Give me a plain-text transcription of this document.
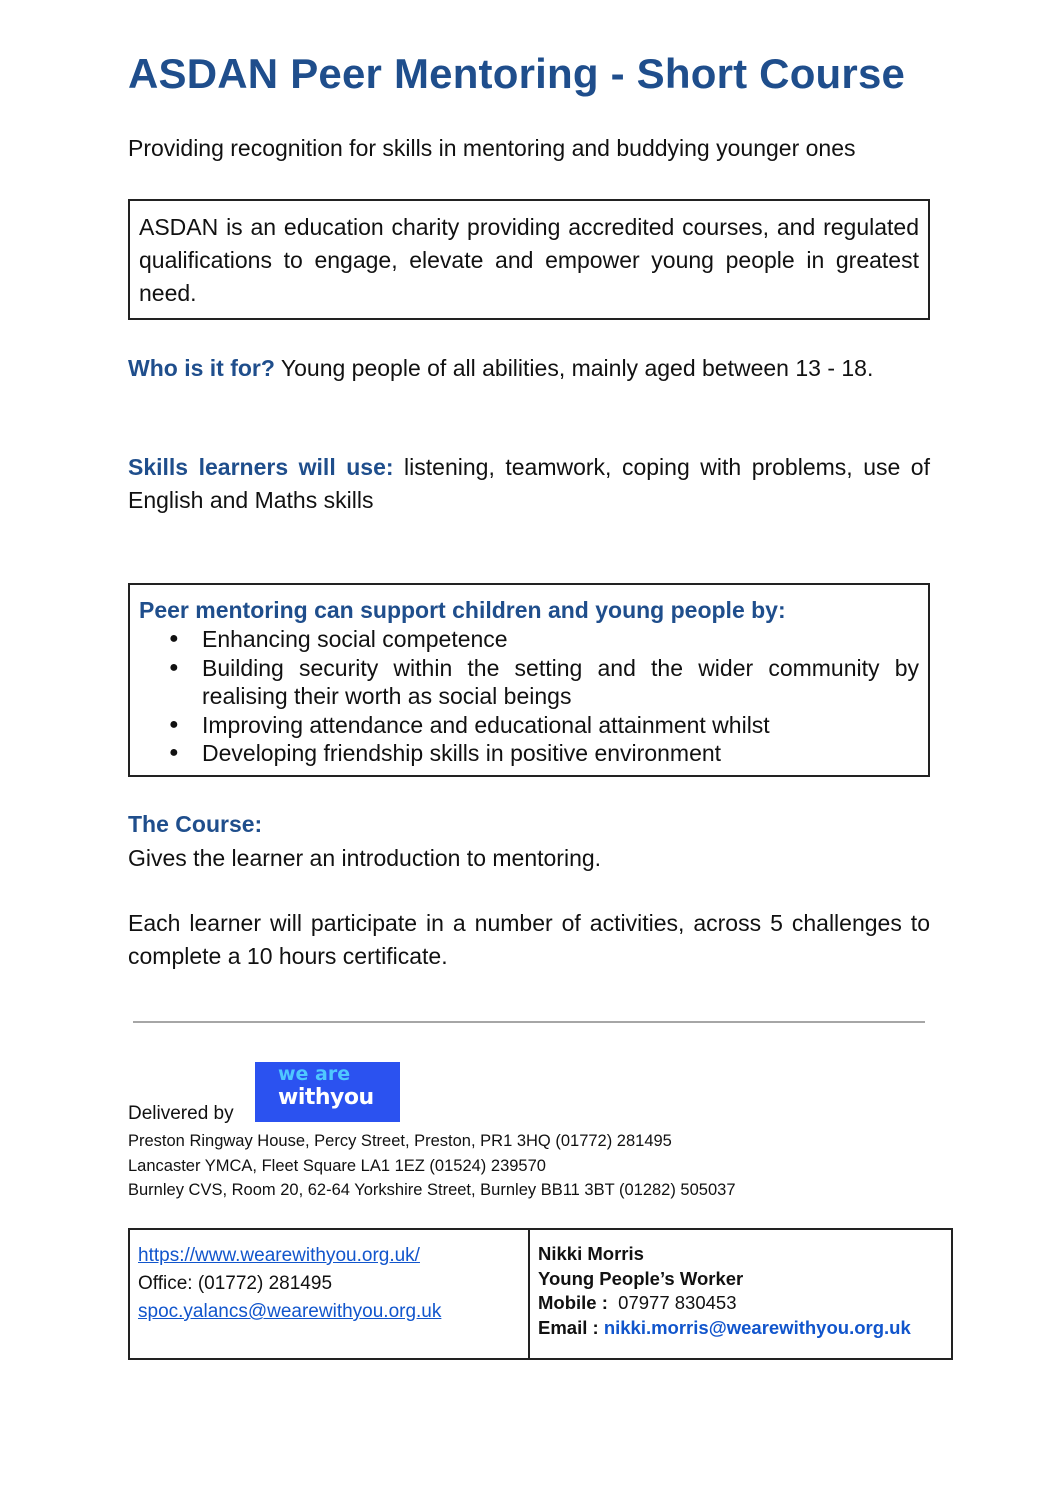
ASDAN Peer Mentoring - Short Course
Providing recognition for skills in mentoring and buddying younger ones
ASDAN is an education charity providing accredited courses, and regulated qualifications to engage, elevate and empower young people in greatest need.
Who is it for? Young people of all abilities, mainly aged between 13 - 18.
Skills learners will use: listening, teamwork, coping with problems, use of English and Maths skills
Peer mentoring can support children and young people by:
● Enhancing social competence
● Building security within the setting and the wider community by realising their worth as social beings
● Improving attendance and educational attainment whilst
● Developing friendship skills in positive environment
The Course:
Gives the learner an introduction to mentoring.
Each learner will participate in a number of activities, across 5 challenges to complete a 10 hours certificate.
Delivered by
we are
withyou
Preston Ringway House, Percy Street, Preston, PR1 3HQ (01772) 281495
Lancaster YMCA, Fleet Square LA1 1EZ (01524) 239570
Burnley CVS, Room 20, 62-64 Yorkshire Street, Burnley BB11 3BT (01282) 505037
https://www.wearewithyou.org.uk/
Office: (01772) 281495
spoc.yalancs@wearewithyou.org.uk
Nikki Morris
Young People’s Worker
Mobile : 07977 830453
Email : nikki.morris@wearewithyou.org.uk
